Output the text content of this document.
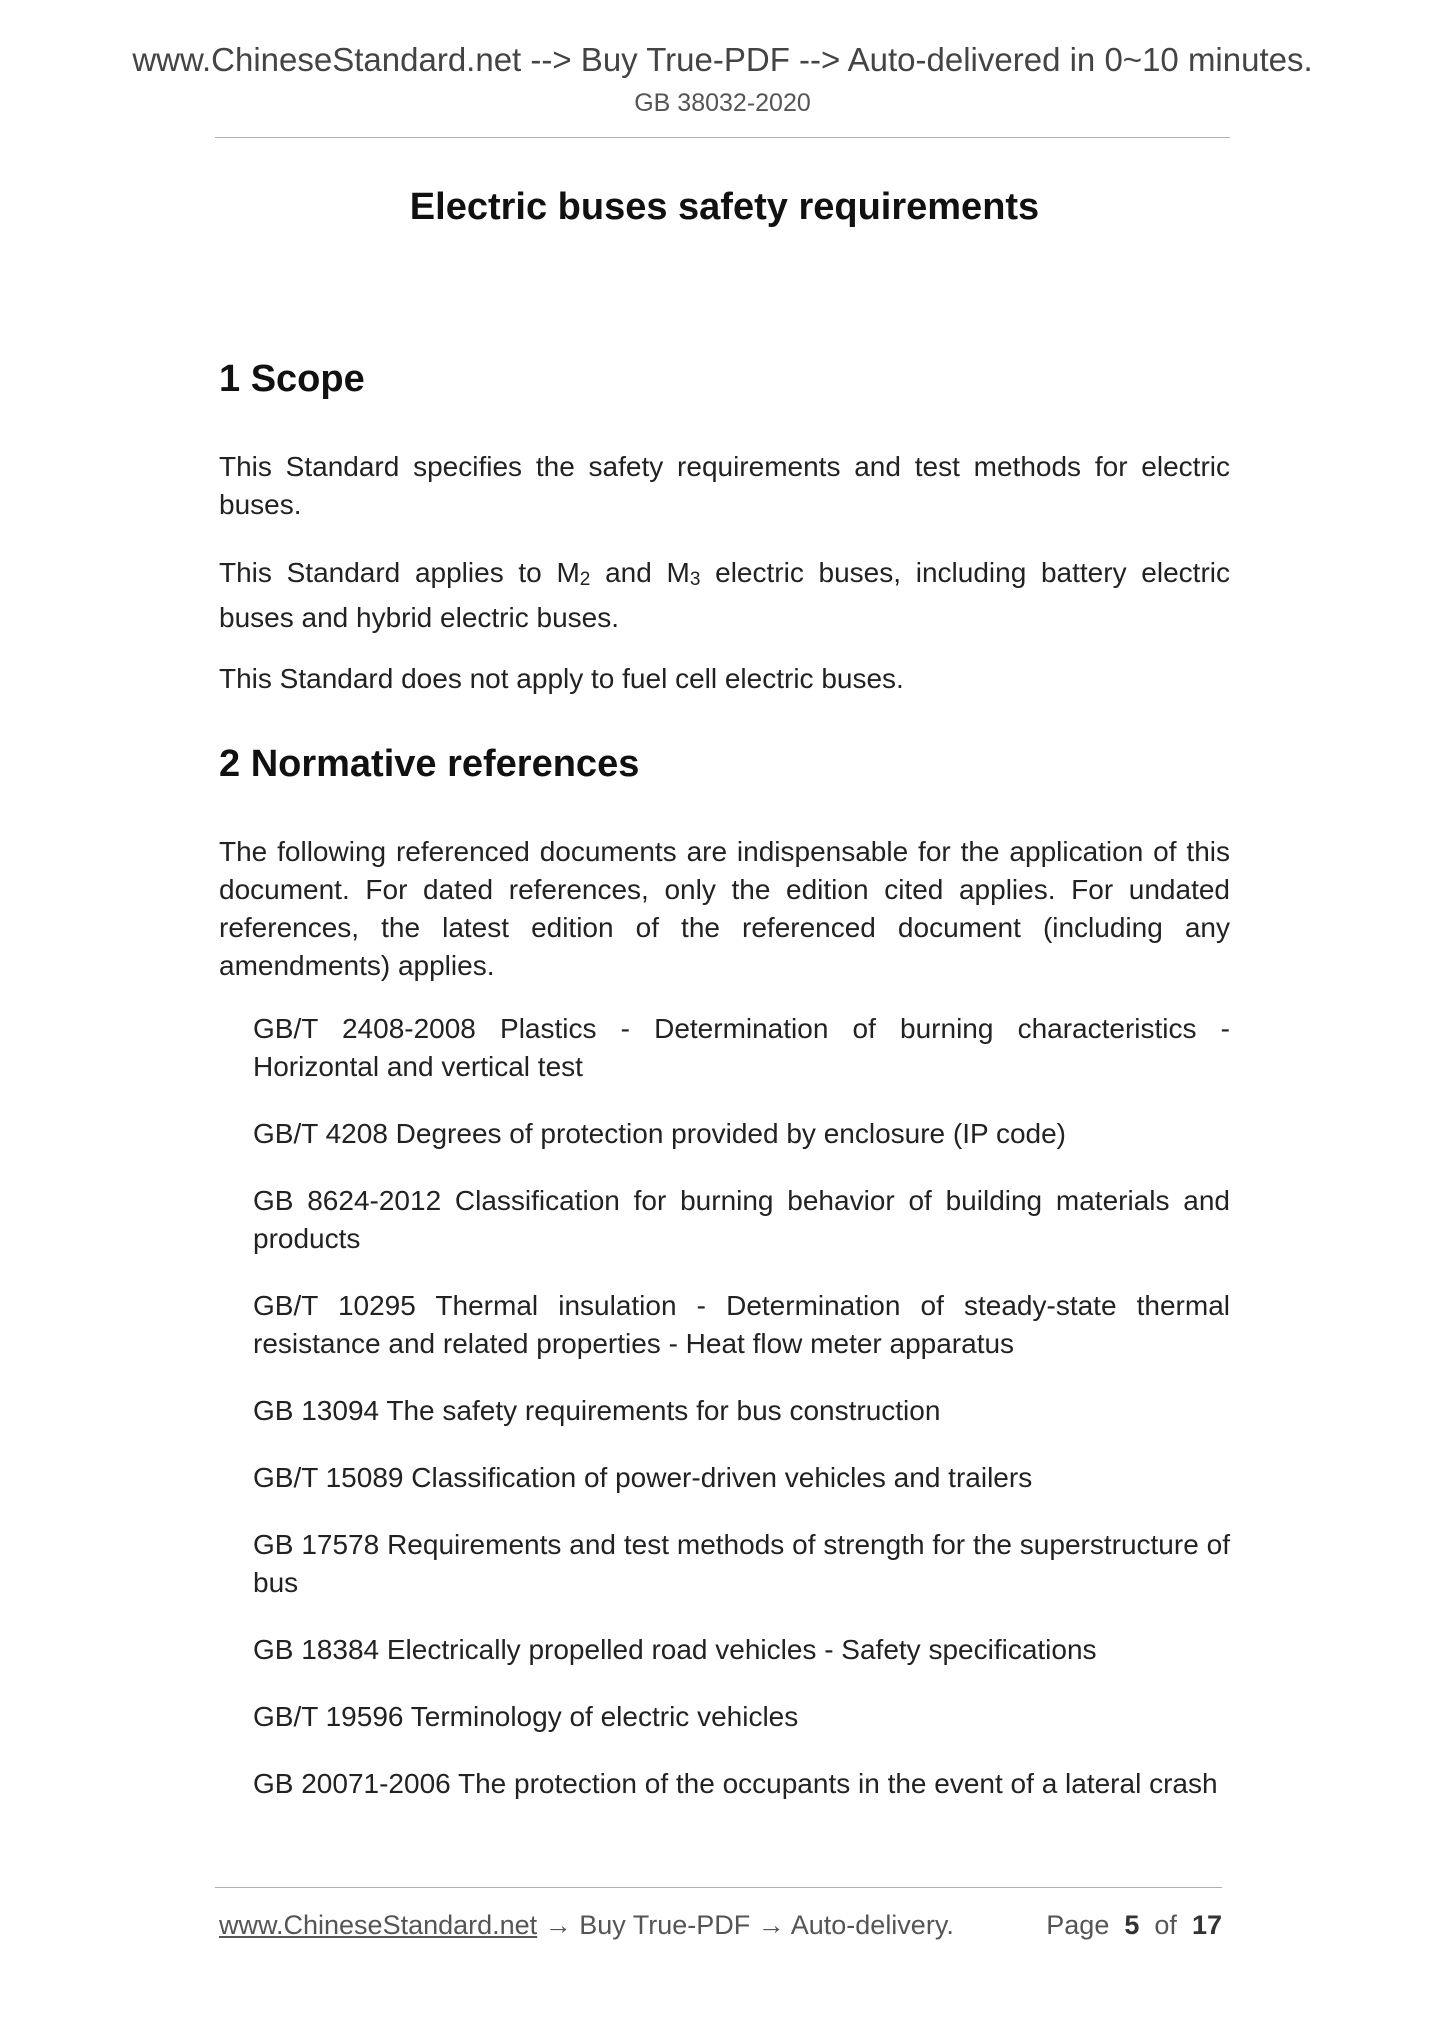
www.ChineseStandard.net --> Buy True-PDF --> Auto-delivered in 0~10 minutes.
GB 38032-2020
Electric buses safety requirements
1 Scope

This Standard specifies the safety requirements and test methods for electric buses.

This Standard applies to $M_2$ and $M_3$ electric buses, including battery electric buses and hybrid electric buses.

This Standard does not apply to fuel cell electric buses.

2 Normative references

The following referenced documents are indispensable for the application of this document. For dated references, only the edition cited applies. For undated references, the latest edition of the referenced document (including any amendments) applies.

GB/T 2408-2008 Plastics - Determination of burning characteristics - Horizontal and vertical test
GB/T 4208 Degrees of protection provided by enclosure (IP code)
GB 8624-2012 Classification for burning behavior of building materials and products
GB/T 10295 Thermal insulation - Determination of steady-state thermal resistance and related properties - Heat flow meter apparatus
GB 13094 The safety requirements for bus construction
GB/T 15089 Classification of power-driven vehicles and trailers
GB 17578 Requirements and test methods of strength for the superstructure of bus
GB 18384 Electrically propelled road vehicles - Safety specifications
GB/T 19596 Terminology of electric vehicles
GB 20071-2006 The protection of the occupants in the event of a lateral crash
www.ChineseStandard.net → Buy True-PDF → Auto-delivery.	Page 5 of 17
